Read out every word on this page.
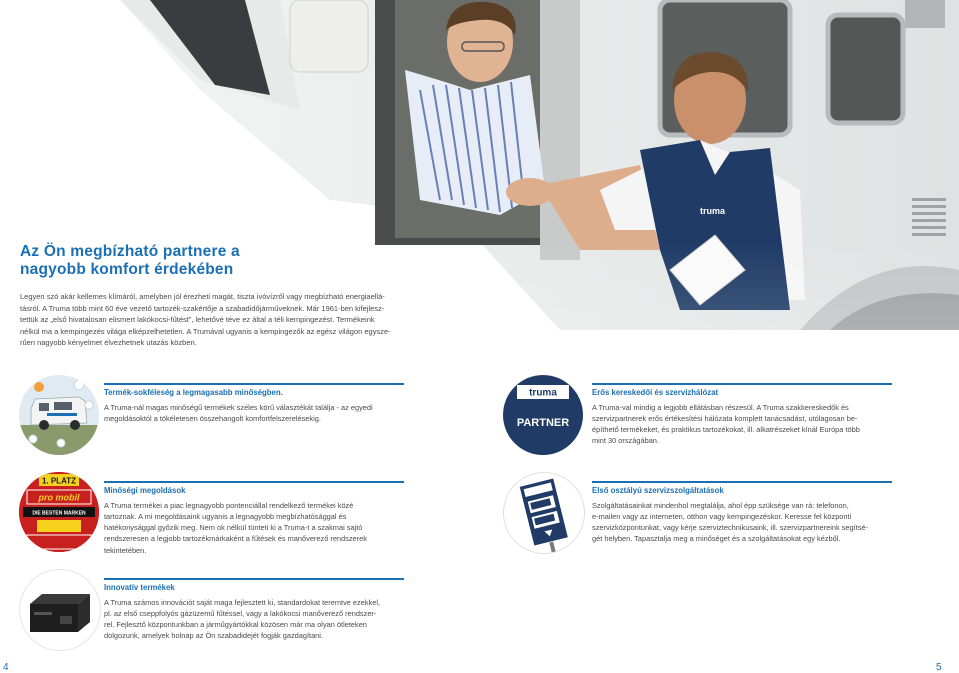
truma
Az Ön megbízható partnere a
nagyobb komfort érdekében

Legyen szó akár kellemes klímáról, amelyben jól érezheti magát, tiszta ivóvízről vagy megbízható energiaellá-
tásról. A Truma több mint 60 éve vezető tartozék-szakértője a szabadidőjárműveknek. Már 1961-ben kifejlesz-
tettük az „első hivatalosan elismert lakókocsi-fűtést”, lehetővé téve ez által a téli kempingezést. Termékeink
nélkül ma a kempingezés világa elképzelhetetlen. A Trumával ugyanis a kempingezők az egész világon egysze-
rűen nagyobb kényelmet élvezhetnek utazás közben.

truma
PARTNER
1. PLATZ
pro mobil
DIE BESTEN MARKEN
Termék-sokféleség a legmagasabb minőségben.

A Truma-nál magas minőségű termékek széles körű választékát találja - az egyedi
megoldásoktól a tökéletesen összehangolt komfortfelszerelésekig.

Erős kereskedői és szervizhálózat

A Truma-val mindig a legjobb ellátásban részesül. A Truma szakkereskedők és
szervizpartnerek erős értékesítési hálózata komplett tanácsadást, utólagosan be-
építhető termékeket, és praktikus tartozékokat, ill. alkatrészeket kínál Európa több
mint 30 országában.

Minőségi megoldások

A Truma termékei a piac legnagyobb pontenciállal rendelkező termékei közé
tartoznak. A mi megoldásaink ugyanis a legnagyobb megbízhatósággal és
hatékonysággal győzik meg. Nem ok nélkül tünteti ki a Truma-t a szakmai sajtó
rendszeresen a legjobb tartozékmárkaként a fűtések és manőverező rendszerek
tekintetében.

Első osztályú szervizszolgáltatások

Szolgáltatásainkat mindenhol megtalálja, ahol épp szüksége van rá: telefonon,
e-mailen vagy az interneten, otthon vagy kempingezéskor. Keresse fel központi
szervizközpontunkat, vagy kérje szerviztechnikusaink, ill. szervizpartnereink segítsé-
gét helyben. Tapasztalja meg a minőséget és a szolgáltatásokat egy kézből.

Innovatív termékek

A Truma számos innovációt saját maga fejlesztett ki, standardokat teremtve ezekkel,
pl. az első cseppfolyós gázüzemű fűtéssel, vagy a lakókocsi manőverező rendszer-
rel. Fejlesztő központunkban a járműgyártókkal közösen már ma olyan ötleteken
dolgozunk, amelyek holnap az Ön szabadidejét fogják gazdagítani.

4	5
